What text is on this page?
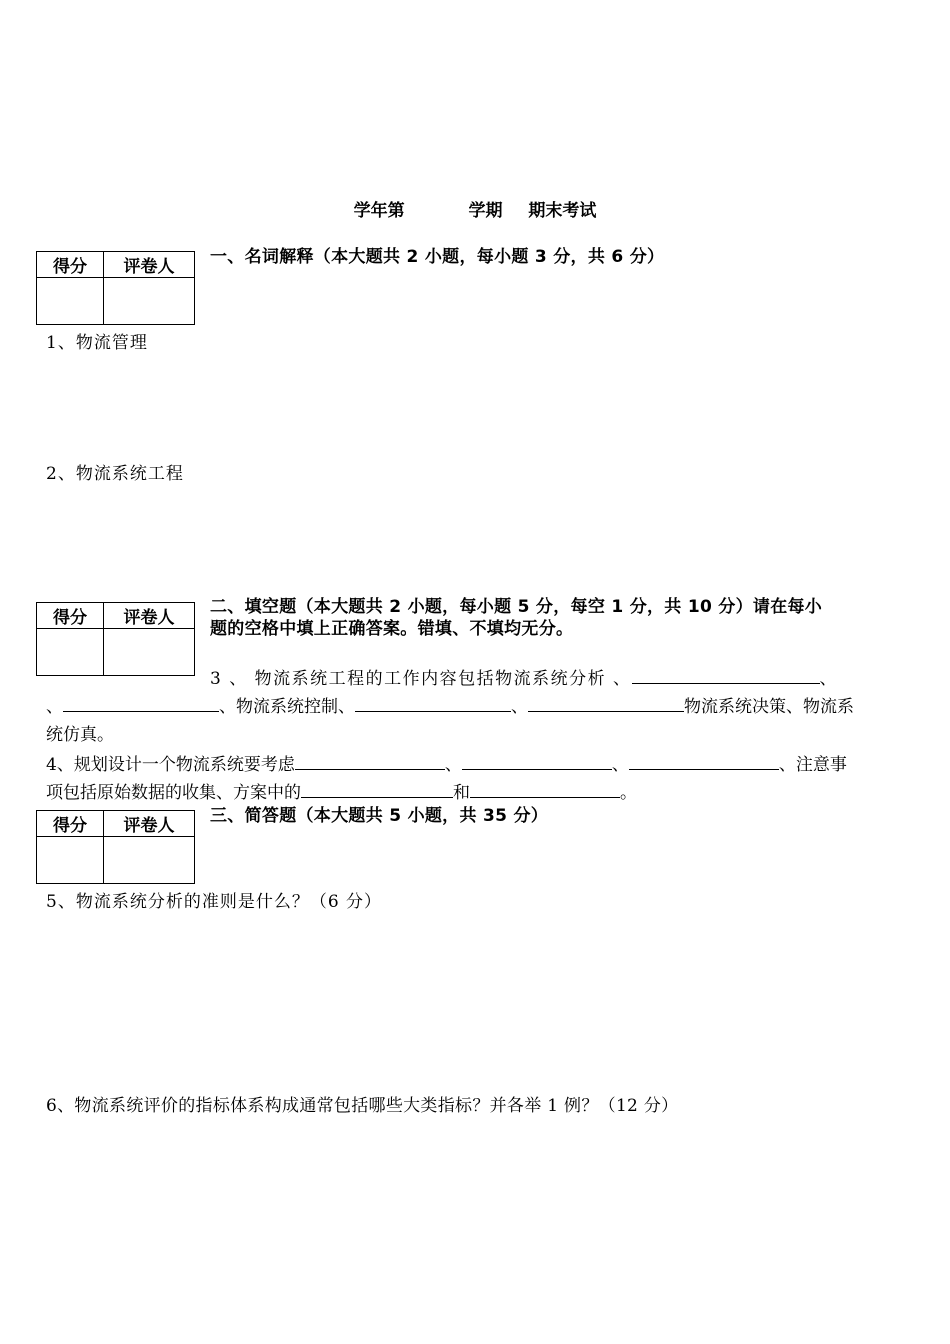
学年第	学期 期末考试
得分	评卷人
	一、名词解释（本大题共 2 小题，每小题 3 分，共 6 分）
1、物流管理
2、物流系统工程
得分	评卷人

二、填空题（本大题共 2 小题，每小题 5 分，每空 1 分，共 10 分）请在每小
题的空格中填上正确答案。错填、不填均无分。
3 、 物流系统工程的工作内容包括物流系统分析 、	、
、	、物流系统控制、	、	物流系统决策、物流系
统仿真。
4、规划设计一个物流系统要考虑	、	、	、注意事
项包括原始数据的收集、方案中的	和	。
得分	评卷人
	三、简答题（本大题共 5 小题，共 35 分）
5、物流系统分析的准则是什么？（6 分）
6、物流系统评价的指标体系构成通常包括哪些大类指标？并各举 1 例？（12 分）
